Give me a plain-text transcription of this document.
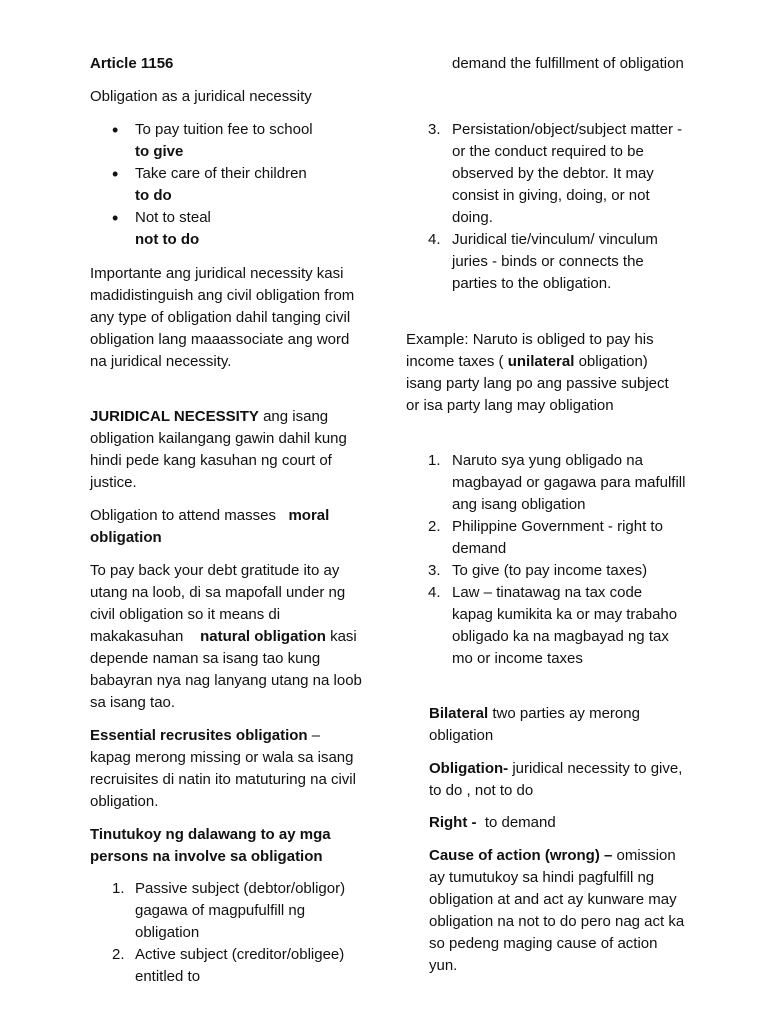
Article 1156

Obligation as a juridical necessity

• To pay tuition fee to school
to give
• Take care of their children
to do
• Not to steal
not to do

Importante ang juridical necessity kasi madidistinguish ang civil obligation from any type of obligation dahil tanging civil obligation lang maaassociate ang word na juridical necessity.

JURIDICAL NECESSITY ang isang obligation kailangang gawin dahil kung hindi pede kang kasuhan ng court of justice.

Obligation to attend masses   moral obligation

To pay back your debt gratitude ito ay utang na loob, di sa mapofall under ng civil obligation so it means di makakasuhan    natural obligation kasi depende naman sa isang tao kung babayran nya nag lanyang utang na loob sa isang tao.

Essential recrusites obligation – kapag merong missing or wala sa isang recruisites di natin ito matuturing na civil obligation.

Tinutukoy ng dalawang to ay mga persons na involve sa obligation

1. Passive subject (debtor/obligor) gagawa of magpufulfill ng obligation
2. Active subject (creditor/obligee) entitled to

demand the fulfillment of obligation

3. Persistation/object/subject matter - or the conduct required to be observed by the debtor. It may consist in giving, doing, or not doing.
4. Juridical tie/vinculum/ vinculum juries - binds or connects the parties to the obligation.

Example: Naruto is obliged to pay his income taxes ( unilateral obligation) isang party lang po ang passive subject or isa party lang may obligation

1. Naruto sya yung obligado na magbayad or gagawa para mafulfill ang isang obligation
2. Philippine Government - right to demand
3. To give (to pay income taxes)
4. Law – tinatawag na tax code kapag kumikita ka or may trabaho obligado ka na magbayad ng tax mo or income taxes

Bilateral two parties ay merong obligation

Obligation- juridical necessity to give, to do , not to do

Right -  to demand

Cause of action (wrong) – omission ay tumutukoy sa hindi pagfulfill ng obligation at and act ay kunware may obligation na not to do pero nag act ka so pedeng maging cause of action yun.
